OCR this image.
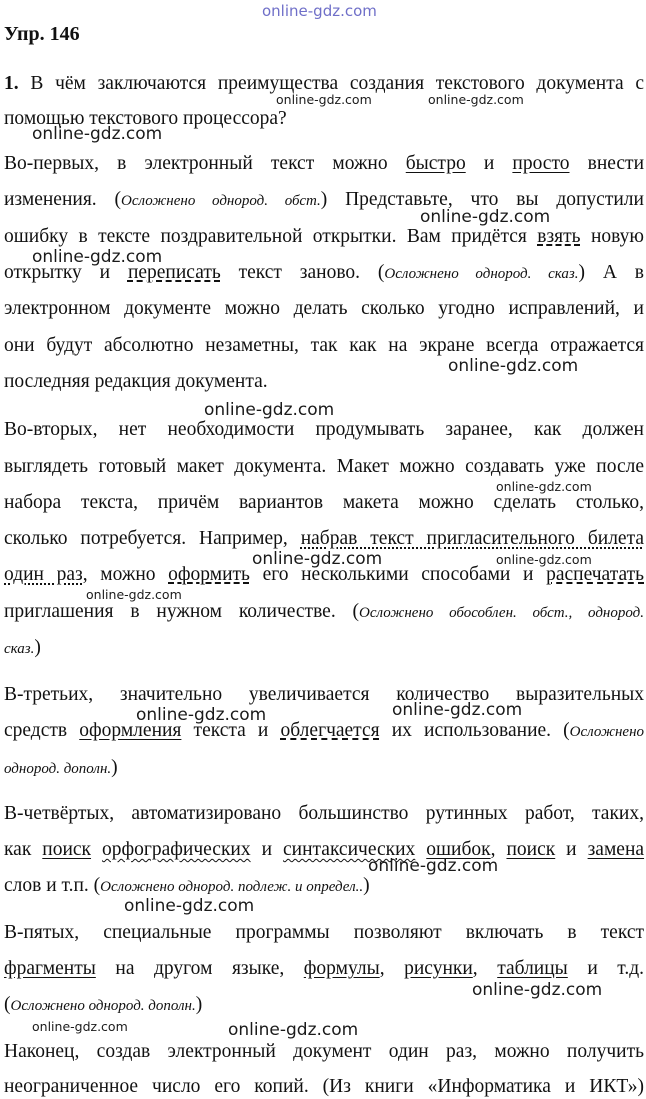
online-gdz.com
Упр. 146
1. В чём заключаются преимущества создания текстового документа с
помощью текстового процессора?
Во-первых, в электронный текст можно быстро и просто внести
изменения. (Осложнено однород. обст.) Представьте, что вы допустили
ошибку в тексте поздравительной открытки. Вам придётся взять новую
открытку и переписать текст заново. (Осложнено однород. сказ.) А в
электронном документе можно делать сколько угодно исправлений, и
они будут абсолютно незаметны, так как на экране всегда отражается
последняя редакция документа.
Во-вторых, нет необходимости продумывать заранее, как должен
выглядеть готовый макет документа. Макет можно создавать уже после
набора текста, причём вариантов макета можно сделать столько,
сколько потребуется. Например, набрав текст пригласительного билета
один раз, можно оформить его несколькими способами и распечатать
приглашения в нужном количестве. (Осложнено обособлен. обст., однород.
сказ.)
В-третьих, значительно увеличивается количество выразительных
средств оформления текста и облегчается их использование. (Осложнено
однород. дополн.)
В-четвёртых, автоматизировано большинство рутинных работ, таких,
как поиск орфографических и синтаксических ошибок, поиск и замена
слов и т.п. (Осложнено однород. подлеж. и определ..)
В-пятых, специальные программы позволяют включать в текст
фрагменты на другом языке, формулы, рисунки, таблицы и т.д.
(Осложнено однород. дополн.)
Наконец, создав электронный документ один раз, можно получить
неограниченное число его копий. (Из книги «Информатика и ИКТ»)
online-gdz.com	online-gdz.com
online-gdz.com
online-gdz.com
online-gdz.com
online-gdz.com
online-gdz.com
online-gdz.com
online-gdz.com	online-gdz.com
online-gdz.com
online-gdz.com
online-gdz.com
online-gdz.com
online-gdz.com
online-gdz.com
online-gdz.com	online-gdz.com
